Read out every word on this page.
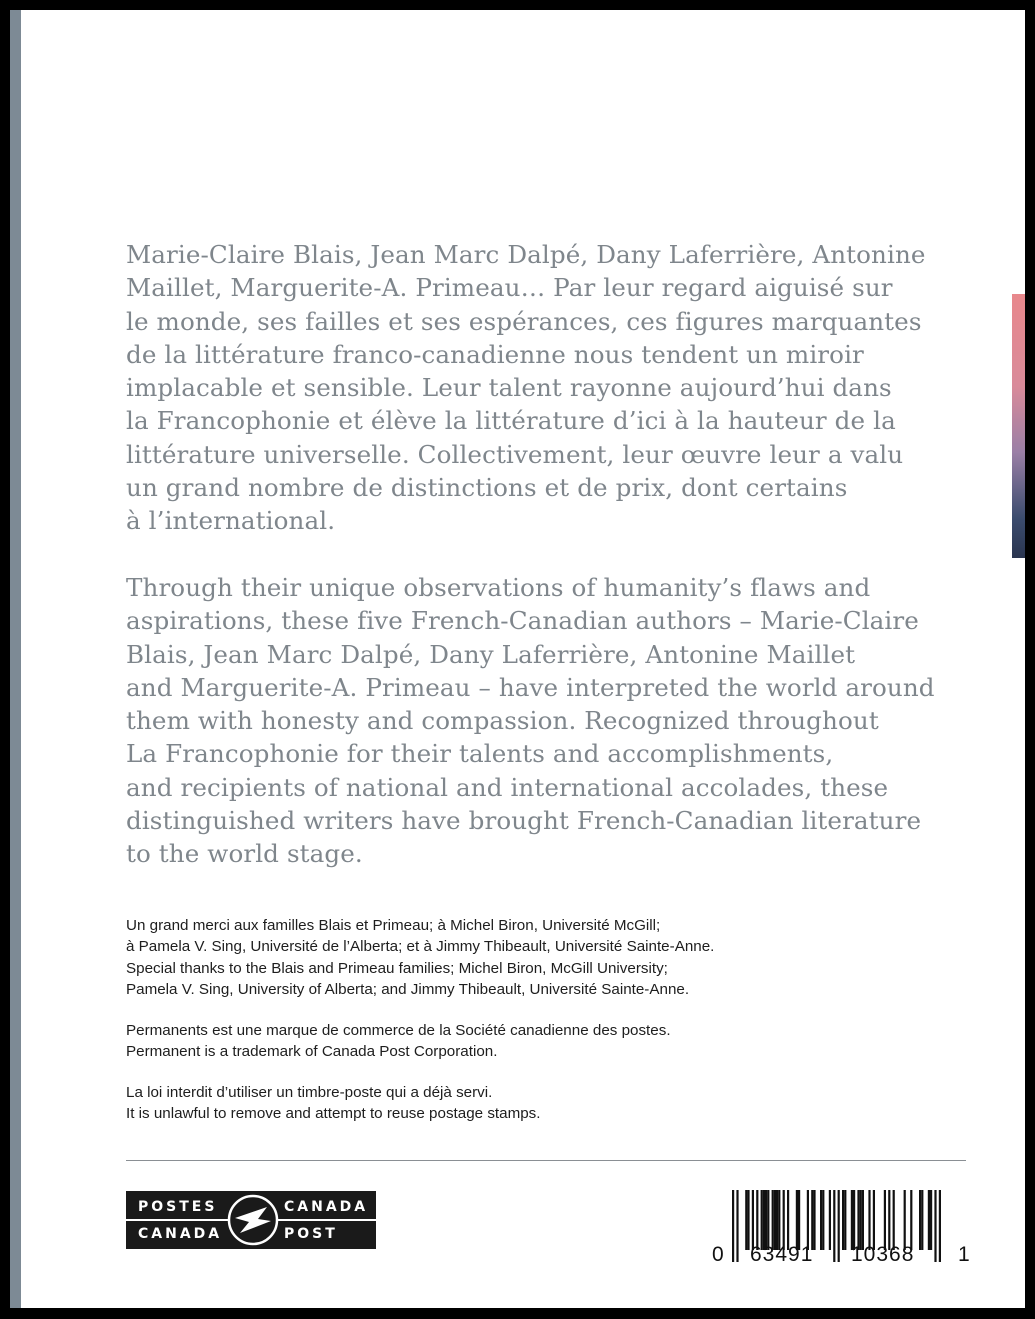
Marie-Claire Blais, Jean Marc Dalpé, Dany Laferrière, Antonine
Maillet, Marguerite-A. Primeau… Par leur regard aiguisé sur
le monde, ses failles et ses espérances, ces figures marquantes
de la littérature franco-canadienne nous tendent un miroir
implacable et sensible. Leur talent rayonne aujourd’hui dans
la Francophonie et élève la littérature d’ici à la hauteur de la
littérature universelle. Collectivement, leur œuvre leur a valu
un grand nombre de distinctions et de prix, dont certains
à l’international.
Through their unique observations of humanity’s flaws and
aspirations, these five French-Canadian authors – Marie-Claire
Blais, Jean Marc Dalpé, Dany Laferrière, Antonine Maillet
and Marguerite-A. Primeau – have interpreted the world around
them with honesty and compassion. Recognized throughout
La Francophonie for their talents and accomplishments,
and recipients of national and international accolades, these
distinguished writers have brought French-Canadian literature
to the world stage.
Un grand merci aux familles Blais et Primeau; à Michel Biron, Université McGill;
à Pamela V. Sing, Université de l’Alberta; et à Jimmy Thibeault, Université Sainte-Anne.
Special thanks to the Blais and Primeau families; Michel Biron, McGill University;
Pamela V. Sing, University of Alberta; and Jimmy Thibeault, Université Sainte-Anne.
Permanents est une marque de commerce de la Société canadienne des postes.
Permanent is a trademark of Canada Post Corporation.
La loi interdit d’utiliser un timbre-poste qui a déjà servi.
It is unlawful to remove and attempt to reuse postage stamps.
POSTES	CANADA
CANADA	POST
0 63491 10368 1
